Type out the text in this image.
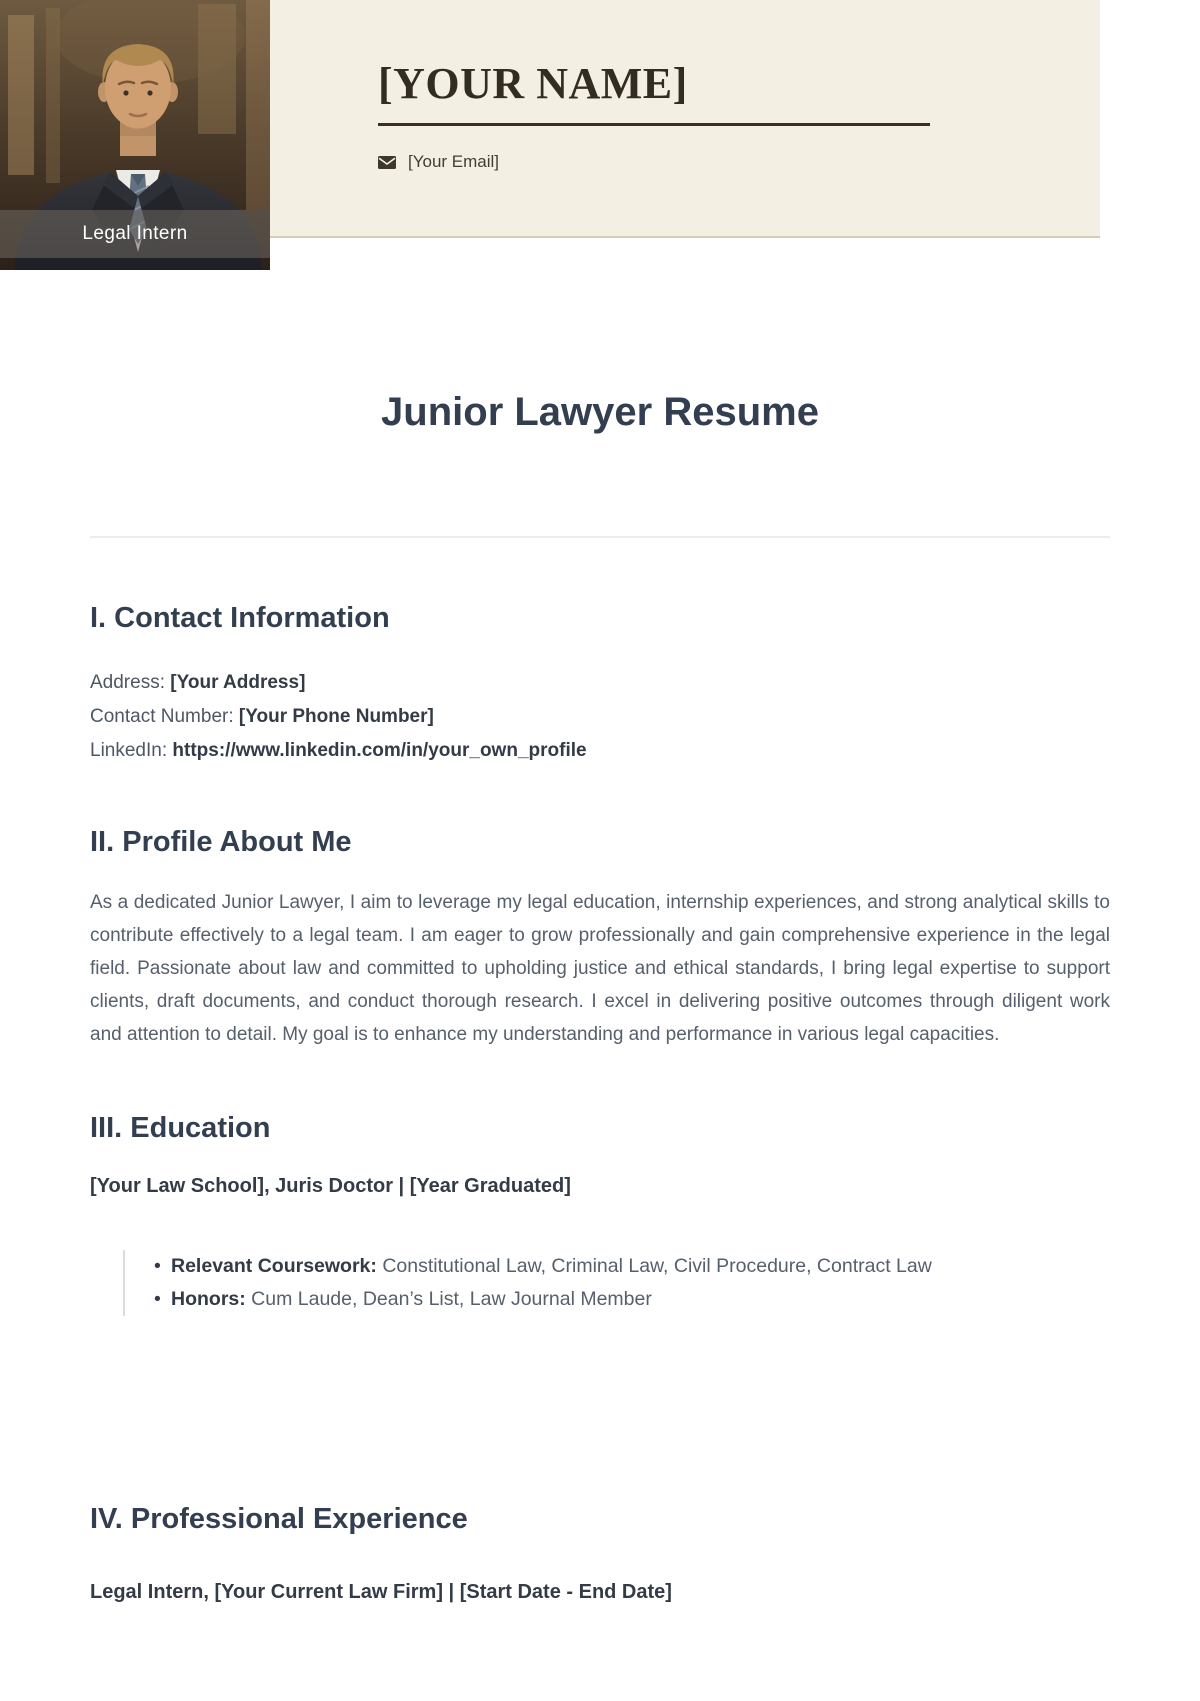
Legal Intern
[YOUR NAME]
[Your Email]
Junior Lawyer Resume
I. Contact Information

Address: [Your Address]

Contact Number: [Your Phone Number]

LinkedIn: https://www.linkedin.com/in/your_own_profile

II. Profile About Me

As a dedicated Junior Lawyer, I aim to leverage my legal education, internship experiences, and strong analytical skills to contribute effectively to a legal team. I am eager to grow professionally and gain comprehensive experience in the legal field. Passionate about law and committed to upholding justice and ethical standards, I bring legal expertise to support clients, draft documents, and conduct thorough research. I excel in delivering positive outcomes through diligent work and attention to detail. My goal is to enhance my understanding and performance in various legal capacities.

III. Education

[Your Law School], Juris Doctor | [Year Graduated]

• Relevant Coursework: Constitutional Law, Criminal Law, Civil Procedure, Contract Law
• Honors: Cum Laude, Dean’s List, Law Journal Member
IV. Professional Experience

Legal Intern, [Your Current Law Firm] | [Start Date - End Date]
